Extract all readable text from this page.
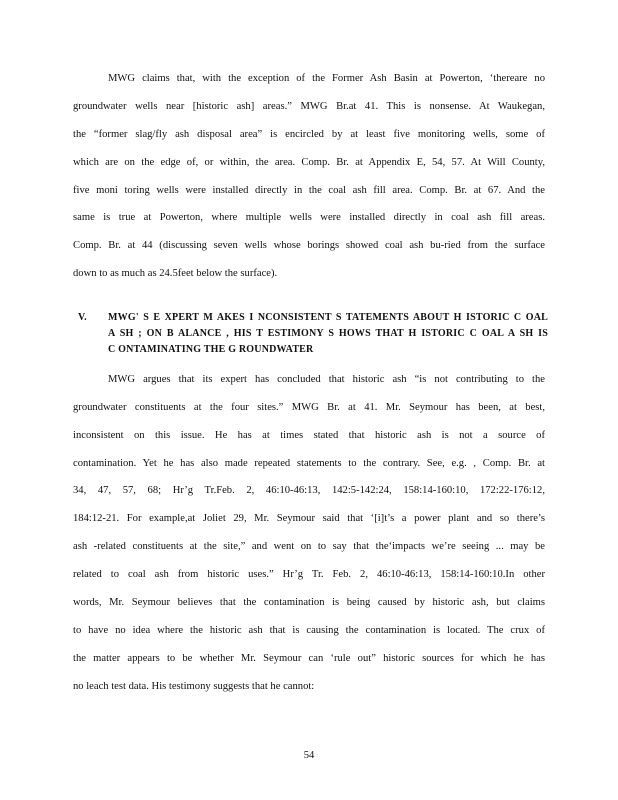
MWG claims that, with the exception of the Former Ash Basin at Powerton, ‘thereare no
groundwater wells near [historic ash] areas.” MWG Br.at 41. This is nonsense. At Waukegan,
the “former slag/fly ash disposal area” is encircled by at least five monitoring wells, some of
which are on the edge of, or within, the area. Comp. Br. at Appendix E, 54, 57. At Will County,
five moni toring wells were installed directly in the coal ash fill area. Comp. Br. at 67. And the
same is true at Powerton, where multiple wells were installed directly in coal ash fill areas.
Comp. Br. at 44 (discussing seven wells whose borings showed coal ash bu-ried from the surface
down to as much as 24.5feet below the surface).
V. MWG' S E XPERT M AKES I NCONSISTENT S TATEMENTS ABOUT H ISTORIC C OAL
A SH ; ON B ALANCE , HIS T ESTIMONY S HOWS THAT H ISTORIC C OAL A SH IS
C ONTAMINATING THE G ROUNDWATER
MWG argues that its expert has concluded that historic ash “is not contributing to the
groundwater constituents at the four sites.” MWG Br. at 41. Mr. Seymour has been, at best,
inconsistent on this issue. He has at times stated that historic ash is not a source of
contamination. Yet he has also made repeated statements to the contrary. See, e.g. , Comp. Br. at
34, 47, 57, 68; Hr’g Tr.Feb. 2, 46:10-46:13, 142:5-142:24, 158:14-160:10, 172:22-176:12,
184:12-21. For example,at Joliet 29, Mr. Seymour said that ‘[i]t’s a power plant and so there’s
ash -related constituents at the site,” and went on to say that the‘impacts we’re seeing ... may be
related to coal ash from historic uses.” Hr’g Tr. Feb. 2, 46:10-46:13, 158:14-160:10.In other
words, Mr. Seymour believes that the contamination is being caused by historic ash, but claims
to have no idea where the historic ash that is causing the contamination is located. The crux of
the matter appears to be whether Mr. Seymour can ‘rule out” historic sources for which he has
no leach test data. His testimony suggests that he cannot:
54
